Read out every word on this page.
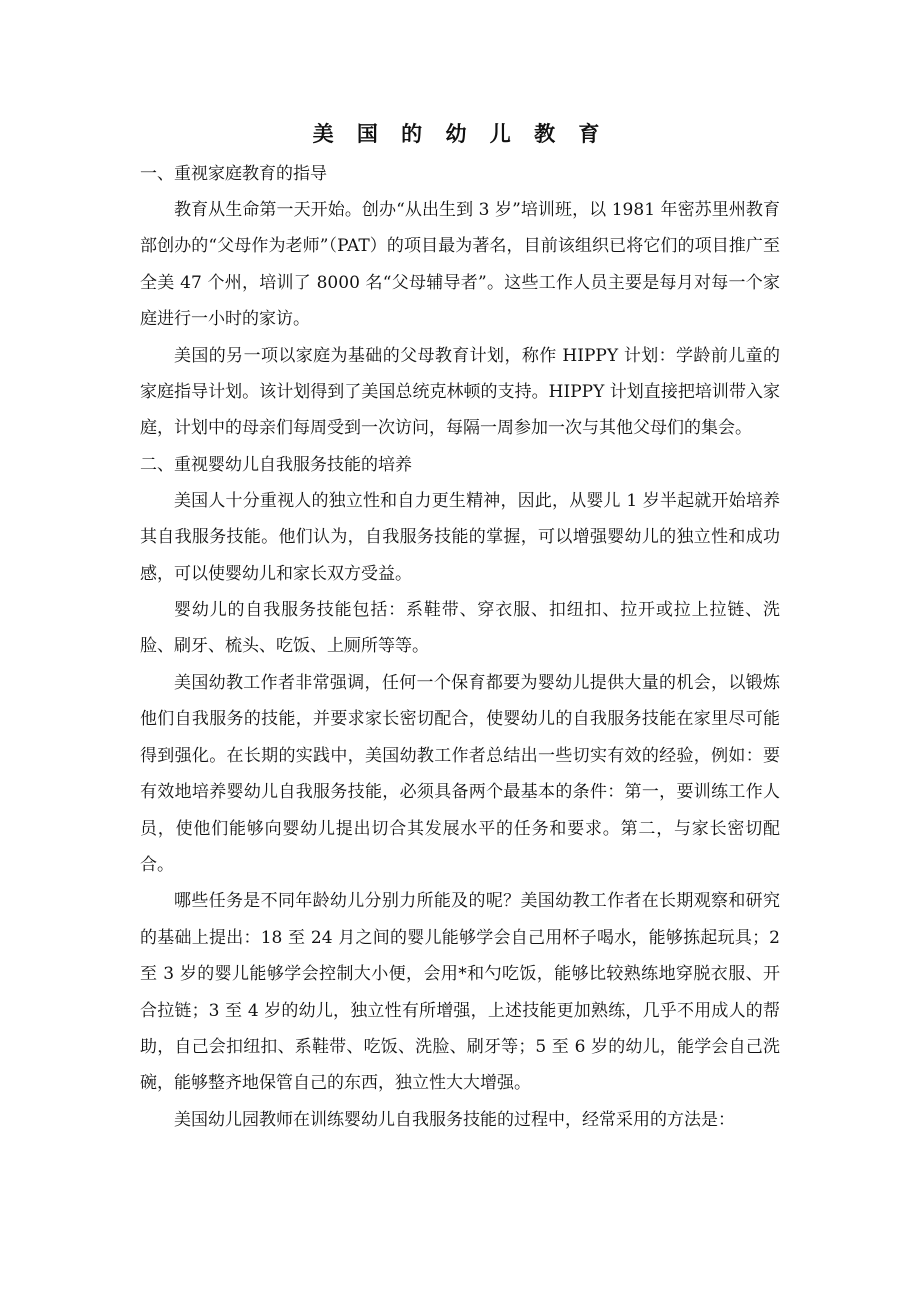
美 国 的 幼 儿 教 育

一、重视家庭教育的指导

教育从生命第一天开始。创办“从出生到 3 岁”培训班，以 1981 年密苏里州教育部创办的“父母作为老师”（PAT）的项目最为著名，目前该组织已将它们的项目推广至全美 47 个州，培训了 8000 名“父母辅导者”。这些工作人员主要是每月对每一个家庭进行一小时的家访。

美国的另一项以家庭为基础的父母教育计划，称作 HIPPY 计划：学龄前儿童的家庭指导计划。该计划得到了美国总统克林顿的支持。HIPPY 计划直接把培训带入家庭，计划中的母亲们每周受到一次访问，每隔一周参加一次与其他父母们的集会。

二、重视婴幼儿自我服务技能的培养

美国人十分重视人的独立性和自力更生精神，因此，从婴儿 1 岁半起就开始培养其自我服务技能。他们认为，自我服务技能的掌握，可以增强婴幼儿的独立性和成功感，可以使婴幼儿和家长双方受益。

婴幼儿的自我服务技能包括：系鞋带、穿衣服、扣纽扣、拉开或拉上拉链、洗脸、刷牙、梳头、吃饭、上厕所等等。

美国幼教工作者非常强调，任何一个保育都要为婴幼儿提供大量的机会，以锻炼他们自我服务的技能，并要求家长密切配合，使婴幼儿的自我服务技能在家里尽可能得到强化。在长期的实践中，美国幼教工作者总结出一些切实有效的经验，例如：要有效地培养婴幼儿自我服务技能，必须具备两个最基本的条件：第一，要训练工作人员，使他们能够向婴幼儿提出切合其发展水平的任务和要求。第二，与家长密切配合。

哪些任务是不同年龄幼儿分别力所能及的呢？美国幼教工作者在长期观察和研究的基础上提出：18 至 24 月之间的婴儿能够学会自己用杯子喝水，能够拣起玩具；2 至 3 岁的婴儿能够学会控制大小便，会用*和勺吃饭，能够比较熟练地穿脱衣服、开合拉链；3 至 4 岁的幼儿，独立性有所增强，上述技能更加熟练，几乎不用成人的帮助，自己会扣纽扣、系鞋带、吃饭、洗脸、刷牙等；5 至 6 岁的幼儿，能学会自己洗碗，能够整齐地保管自己的东西，独立性大大增强。

美国幼儿园教师在训练婴幼儿自我服务技能的过程中，经常采用的方法是：
